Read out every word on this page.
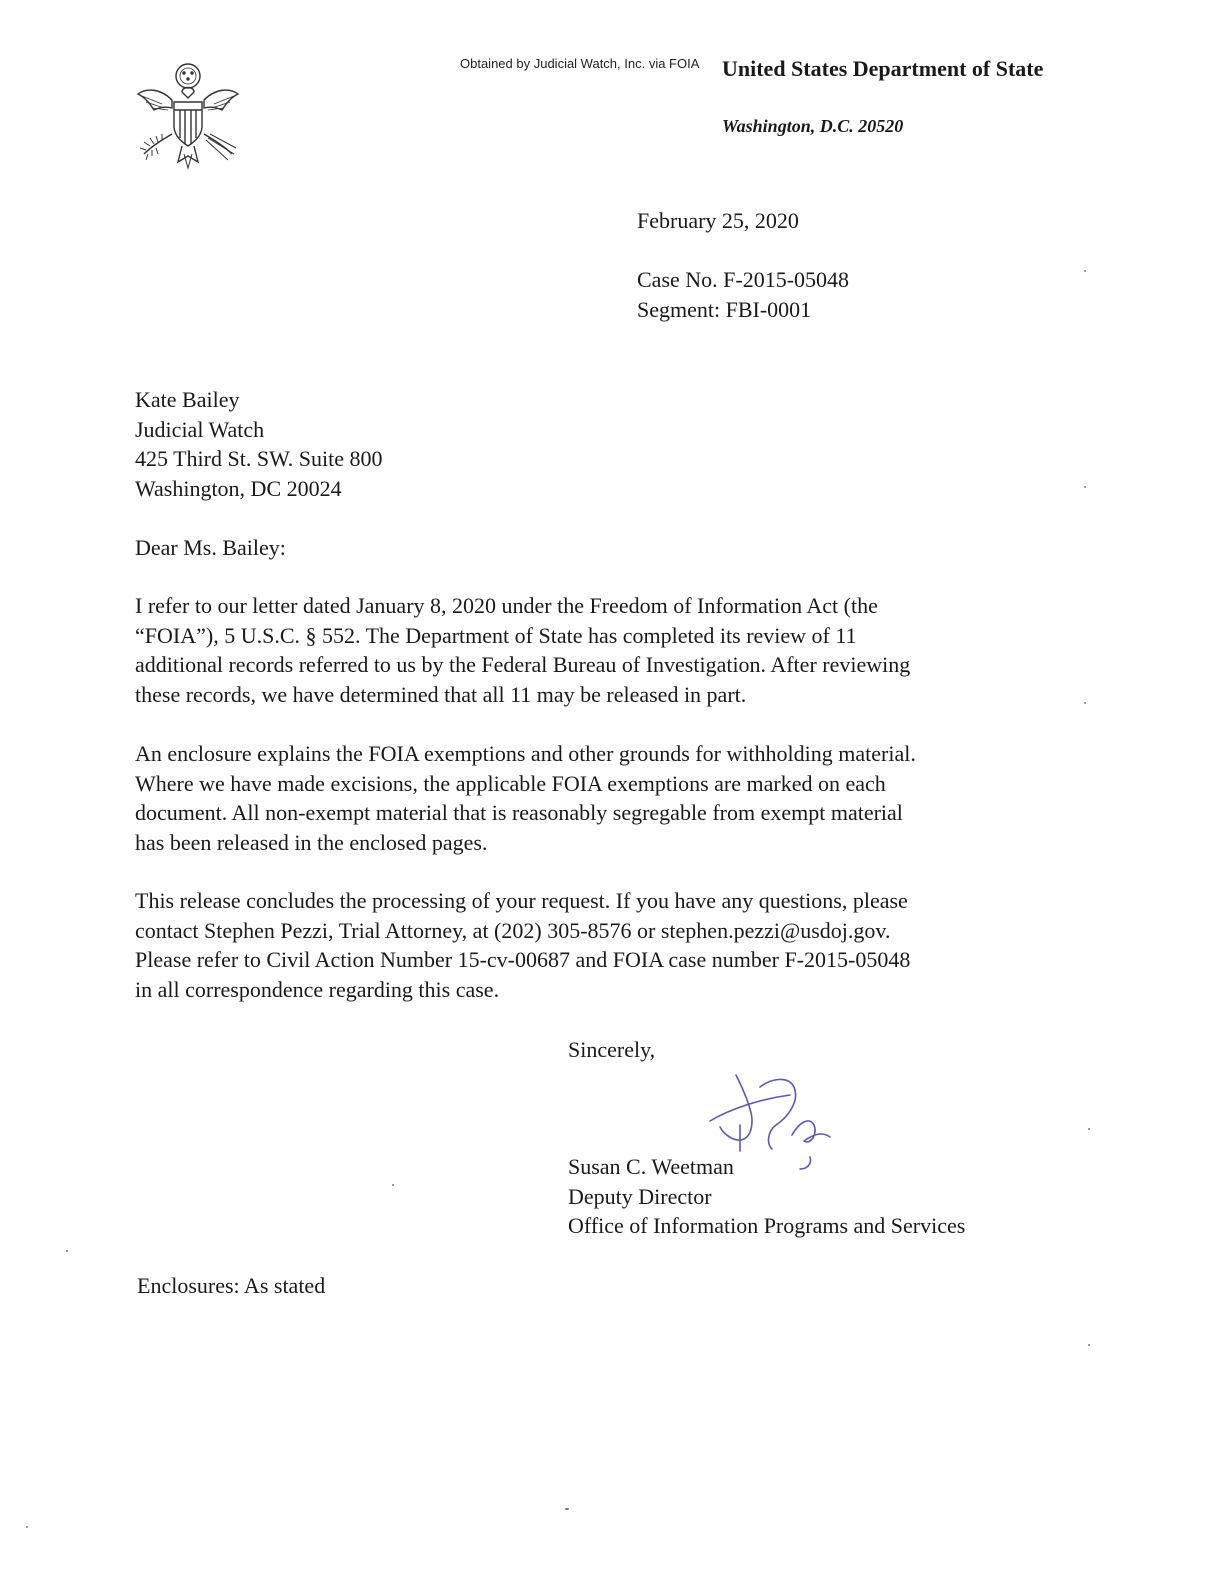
Obtained by Judicial Watch, Inc. via FOIA United States Department of State
Washington, D.C. 20520
February 25, 2020
Case No. F-2015-05048
Segment: FBI-0001
Kate Bailey
Judicial Watch
425 Third St. SW. Suite 800
Washington, DC 20024
Dear Ms. Bailey:
I refer to our letter dated January 8, 2020 under the Freedom of Information Act (the
“FOIA”), 5 U.S.C. § 552. The Department of State has completed its review of 11
additional records referred to us by the Federal Bureau of Investigation. After reviewing
these records, we have determined that all 11 may be released in part.
An enclosure explains the FOIA exemptions and other grounds for withholding material.
Where we have made excisions, the applicable FOIA exemptions are marked on each
document. All non-exempt material that is reasonably segregable from exempt material
has been released in the enclosed pages.
This release concludes the processing of your request. If you have any questions, please
contact Stephen Pezzi, Trial Attorney, at (202) 305-8576 or stephen.pezzi@usdoj.gov.
Please refer to Civil Action Number 15-cv-00687 and FOIA case number F-2015-05048
in all correspondence regarding this case.
Sincerely,
Susan C. Weetman
Deputy Director
Office of Information Programs and Services
Enclosures: As stated
